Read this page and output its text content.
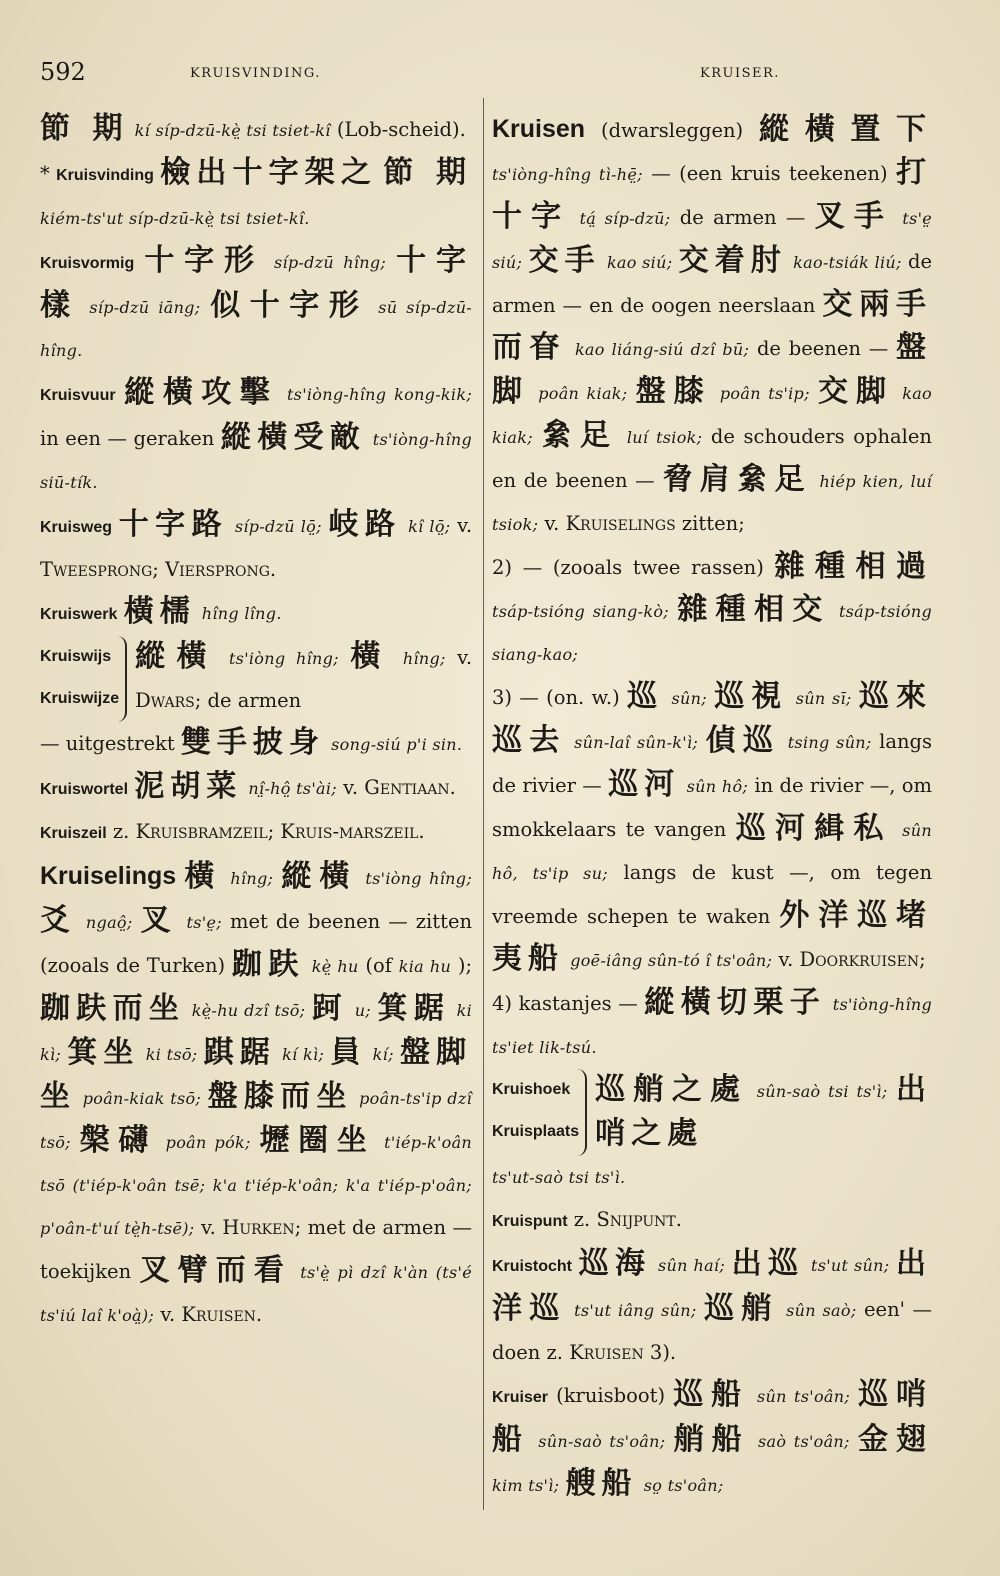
592	KRUISVINDING.	KRUISER.

節 期 kí síp-dzū-kè̤ tsi tsiet-kî (Lob-scheid).

* Kruisvinding 檢出十字架之 節 期 kiém-ts'ut síp-dzū-kè̤ tsi tsiet-kî.

Kruisvormig 十字形 síp-dzū hîng; 十字樣 síp-dzū iāng; 似十字形 sū síp-dzū-hîng.

Kruisvuur 縱橫攻擊 ts'iòng-hîng kong-kik; in een — geraken 縱橫受敵 ts'iòng-hîng siū-tík.

Kruisweg 十字路 síp-dzū lō̤; 岐路 kî lō̤; v. Tweesprong; Viersprong.

Kruiswerk 橫檽 hîng lîng.

Kruiswijs
Kruiswijze
縱橫 ts'iòng hîng; 橫 hîng; v. Dwars; de armen
— uitgestrekt 雙手披身 song-siú p'i sin.

Kruiswortel 泥胡菜 nî̤-hô̤ ts'ài; v. Gentiaan.

Kruiszeil z. Kruisbramzeil; Kruis-marszeil.

Kruiselings 橫 hîng; 縱橫 ts'iòng hîng; 爻 ngaô̤; 叉 ts'e̤; met de beenen — zitten (zooals de Turken) 跏趺 kè̤ hu (of kia hu ); 跏趺而坐 kè̤-hu dzî tsō; 跒 u; 箕踞 ki kì; 箕坐 ki tsō; 踑踞 kí kì; 員 kí; 盤脚坐 poân-kiak tsō; 盤膝而坐 poân-ts'ip dzî tsō; 槃礴 poân pók; 壢圈坐 t'iép-k'oân tsō (t'iép-k'oân tsē; k'a t'iép-k'oân; k'a t'iép-p'oân; p'oân-t'uí tè̤h-tsē); v. Hurken; met de armen — toekijken 叉臂而看 ts'è̤ pì dzî k'àn (ts'é ts'iú laî k'oà̤); v. Kruisen.

Kruisen (dwarsleggen) 縱橫置下 ts'iòng-hîng tì-hē̤; — (een kruis teekenen) 打十字 tá̤ síp-dzū; de armen — 叉手 ts'e̤ siú; 交手 kao siú; 交着肘 kao-tsiák liú; de armen — en de oogen neerslaan 交兩手而眘 kao liáng-siú dzî bū; de beenen — 盤脚 poân kiak; 盤膝 poân ts'ip; 交脚 kao kiak; 絫足 luí tsiok; de schouders ophalen en de beenen — 脅肩絫足 hiép kien, luí tsiok; v. Kruiselings zitten;

2) — (zooals twee rassen) 雜種相過 tsáp-tsióng siang-kò; 雜種相交 tsáp-tsióng siang-kao;

3) — (on. w.) 巡 sûn; 巡視 sûn sī; 巡來巡去 sûn-laî sûn-k'ì; 偵巡 tsing sûn; langs de rivier — 巡河 sûn hô; in de rivier —, om smokkelaars te vangen 巡河緝私 sûn hô, ts'ip su; langs de kust —, om tegen vreemde schepen te waken 外洋巡堵夷船 goē-iâng sûn-tó î ts'oân; v. Doorkruisen;

4) kastanjes — 縱橫切栗子 ts'iòng-hîng ts'iet lik-tsú.

Kruishoek
Kruisplaats
巡艄之處 sûn-saò tsi ts'ì; 出哨之處
ts'ut-saò tsi ts'ì.

Kruispunt z. Snijpunt.

Kruistocht 巡海 sûn haí; 出巡 ts'ut sûn; 出洋巡 ts'ut iâng sûn; 巡艄 sûn saò; een' — doen z. Kruisen 3).

Kruiser (kruisboot) 巡船 sûn ts'oân; 巡哨船 sûn-saò ts'oân; 艄船 saò ts'oân; 金翅 kim ts'ì; 艘船 so̤ ts'oân;
